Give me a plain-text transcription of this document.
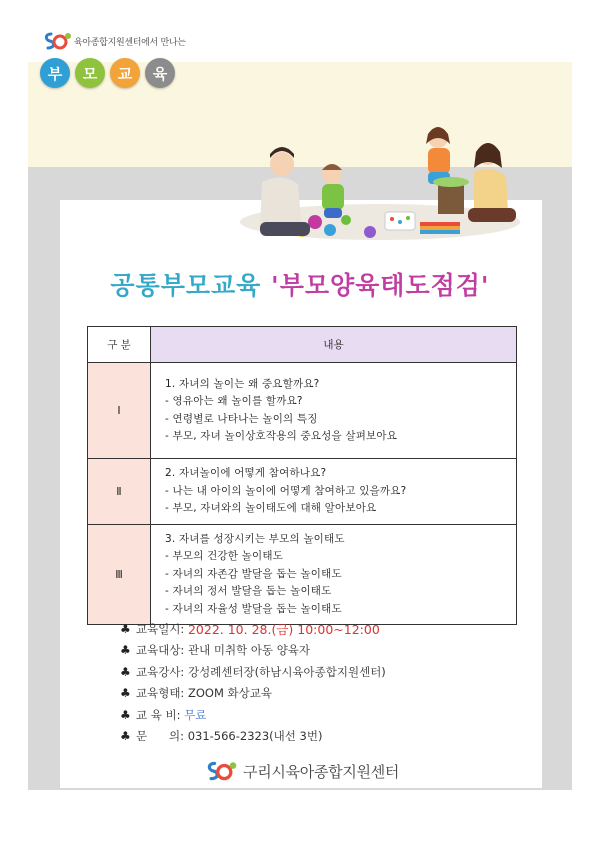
육아종합지원센터에서 만나는
부 모 교 육
공통부모교육 '부모양육태도점검'
구 분	내용
Ⅰ	1. 자녀의 놀이는 왜 중요할까요?
- 영유아는 왜 놀이를 할까요?
- 연령별로 나타나는 놀이의 특징
- 부모, 자녀 놀이상호작용의 중요성을 살펴보아요

Ⅱ	2. 자녀놀이에 어떻게 참여하나요?
- 나는 내 아이의 놀이에 어떻게 참여하고 있을까요?
- 부모, 자녀와의 놀이태도에 대해 알아보아요

Ⅲ	3. 자녀를 성장시키는 부모의 놀이태도
- 부모의 건강한 놀이태도
- 자녀의 자존감 발달을 돕는 놀이태도
- 자녀의 정서 발달을 돕는 놀이태도
- 자녀의 자율성 발달을 돕는 놀이태도
♣ 교육일시:
2022. 10. 28.(금) 10:00~12:00
♣ 교육대상:
관내 미취학 아동 양육자
♣ 교육강사:
강성례센터장(하남시육아종합지원센터)
♣ 교육형태:
ZOOM 화상교육
♣ 교 육 비:
무료
♣ 문      의:
031-566-2323(내선 3번)
구리시육아종합지원센터
